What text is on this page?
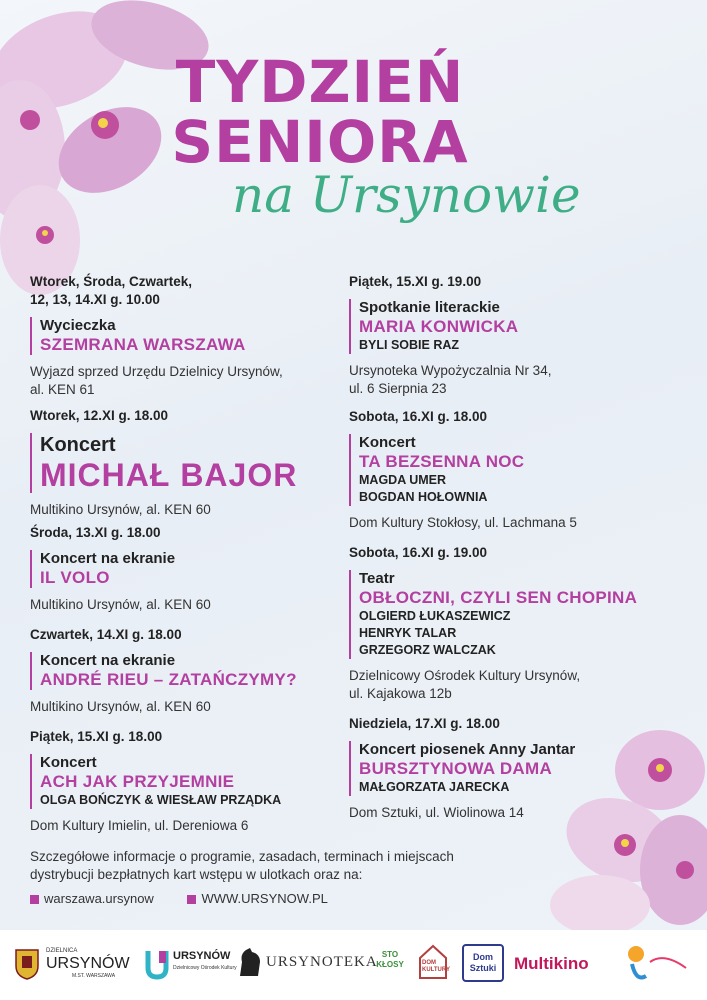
TYDZIEŃ
SENIORA
na Ursynowie
Wtorek, Środa, Czwartek,
12, 13, 14.XI g. 10.00
Wycieczka
SZEMRANA WARSZAWA
Wyjazd sprzed Urzędu Dzielnicy Ursynów,
al. KEN 61
Wtorek, 12.XI g. 18.00
Koncert
MICHAŁ BAJOR
Multikino Ursynów, al. KEN 60
Środa, 13.XI g. 18.00
Koncert na ekranie
IL VOLO
Multikino Ursynów, al. KEN 60
Czwartek, 14.XI g. 18.00
Koncert na ekranie
ANDRÉ RIEU – ZATAŃCZYMY?
Multikino Ursynów, al. KEN 60
Piątek, 15.XI g. 18.00
Koncert
ACH JAK PRZYJEMNIE
OLGA BOŃCZYK & WIESŁAW PRZĄDKA
Dom Kultury Imielin, ul. Dereniowa 6
Piątek, 15.XI g. 19.00
Spotkanie literackie
MARIA KONWICKA
BYLI SOBIE RAZ
Ursynoteka Wypożyczalnia Nr 34,
ul. 6 Sierpnia 23
Sobota, 16.XI g. 18.00
Koncert
TA BEZSENNA NOC
MAGDA UMER
BOGDAN HOŁOWNIA
Dom Kultury Stokłosy, ul. Lachmana 5
Sobota, 16.XI g. 19.00
Teatr
OBŁOCZNI, CZYLI SEN CHOPINA
OLGIERD ŁUKASZEWICZ
HENRYK TALAR
GRZEGORZ WALCZAK
Dzielnicowy Ośrodek Kultury Ursynów,
ul. Kajakowa 12b
Niedziela, 17.XI g. 18.00
Koncert piosenek Anny Jantar
BURSZTYNOWA DAMA
MAŁGORZATA JARECKA
Dom Sztuki, ul. Wiolinowa 14
Szczegółowe informacje o programie, zasadach, terminach i miejscach
dystrybucji bezpłatnych kart wstępu w ulotkach oraz na:
warszawa.ursynow	WWW.URSYNOW.PL
DZIELNICA
URSYNÓW
M.ST. WARSZAWA
URSYNÓW
Dzielnicowy Ośrodek Kultury	URSYNOTEKA STO KŁOSY	DOM KULTURY
Dom Sztuki	Multikino
